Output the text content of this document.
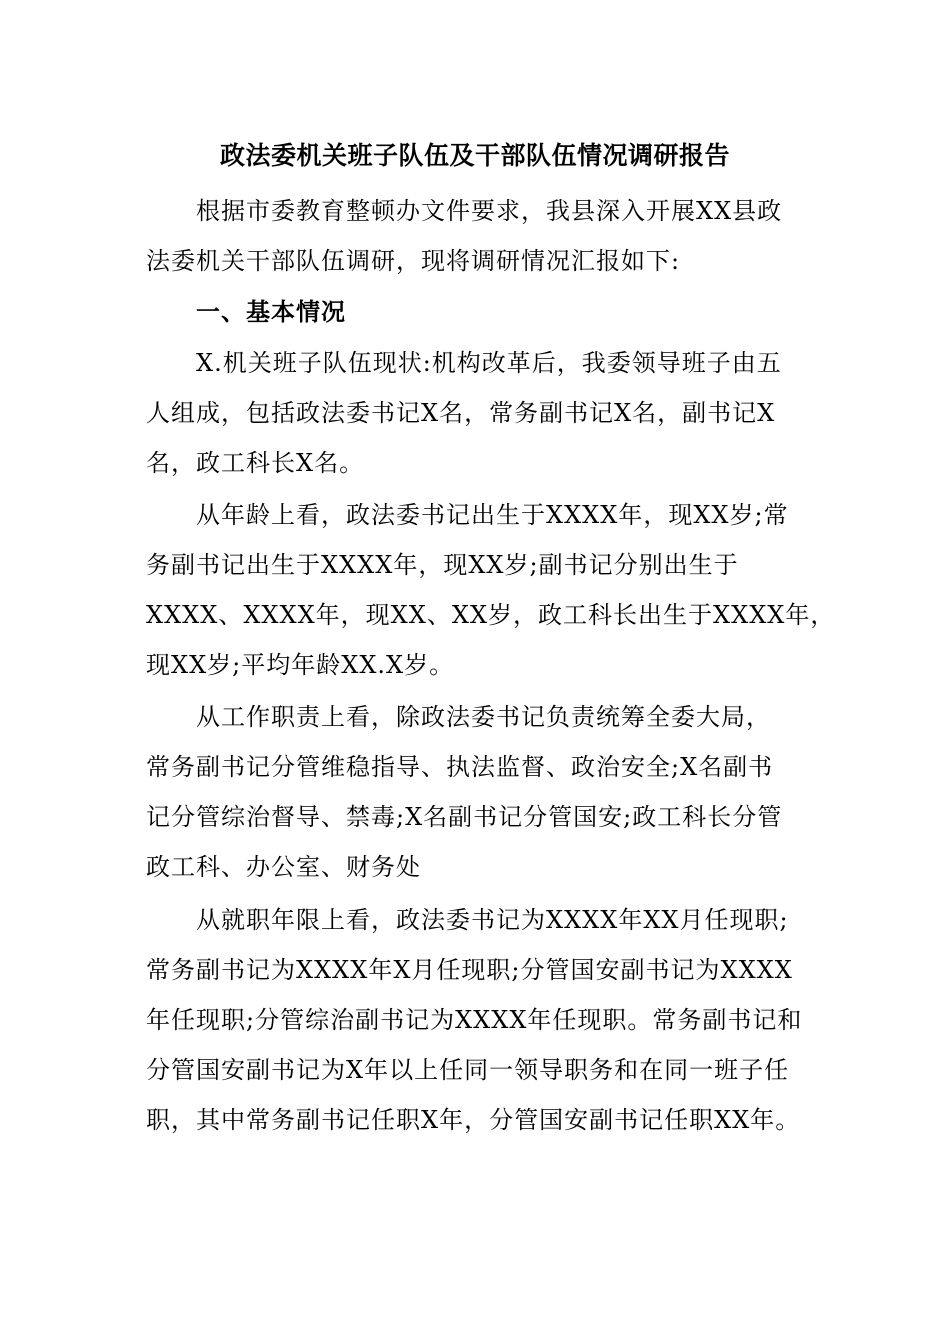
政法委机关班子队伍及干部队伍情况调研报告
根据市委教育整顿办文件要求，我县深入开展XX县政
法委机关干部队伍调研，现将调研情况汇报如下:
一、基本情况
X.机关班子队伍现状:机构改革后，我委领导班子由五
人组成，包括政法委书记X名，常务副书记X名，副书记X
名，政工科长X名。
从年龄上看，政法委书记出生于XXXX年，现XX岁;常
务副书记出生于XXXX年，现XX岁;副书记分别出生于
XXXX、XXXX年，现XX、XX岁，政工科长出生于XXXX年，
现XX岁;平均年龄XX.X岁。
从工作职责上看，除政法委书记负责统筹全委大局，
常务副书记分管维稳指导、执法监督、政治安全;X名副书
记分管综治督导、禁毒;X名副书记分管国安;政工科长分管
政工科、办公室、财务处
从就职年限上看，政法委书记为XXXX年XX月任现职;
常务副书记为XXXX年X月任现职;分管国安副书记为XXXX
年任现职;分管综治副书记为XXXX年任现职。常务副书记和
分管国安副书记为X年以上任同一领导职务和在同一班子任
职，其中常务副书记任职X年，分管国安副书记任职XX年。
